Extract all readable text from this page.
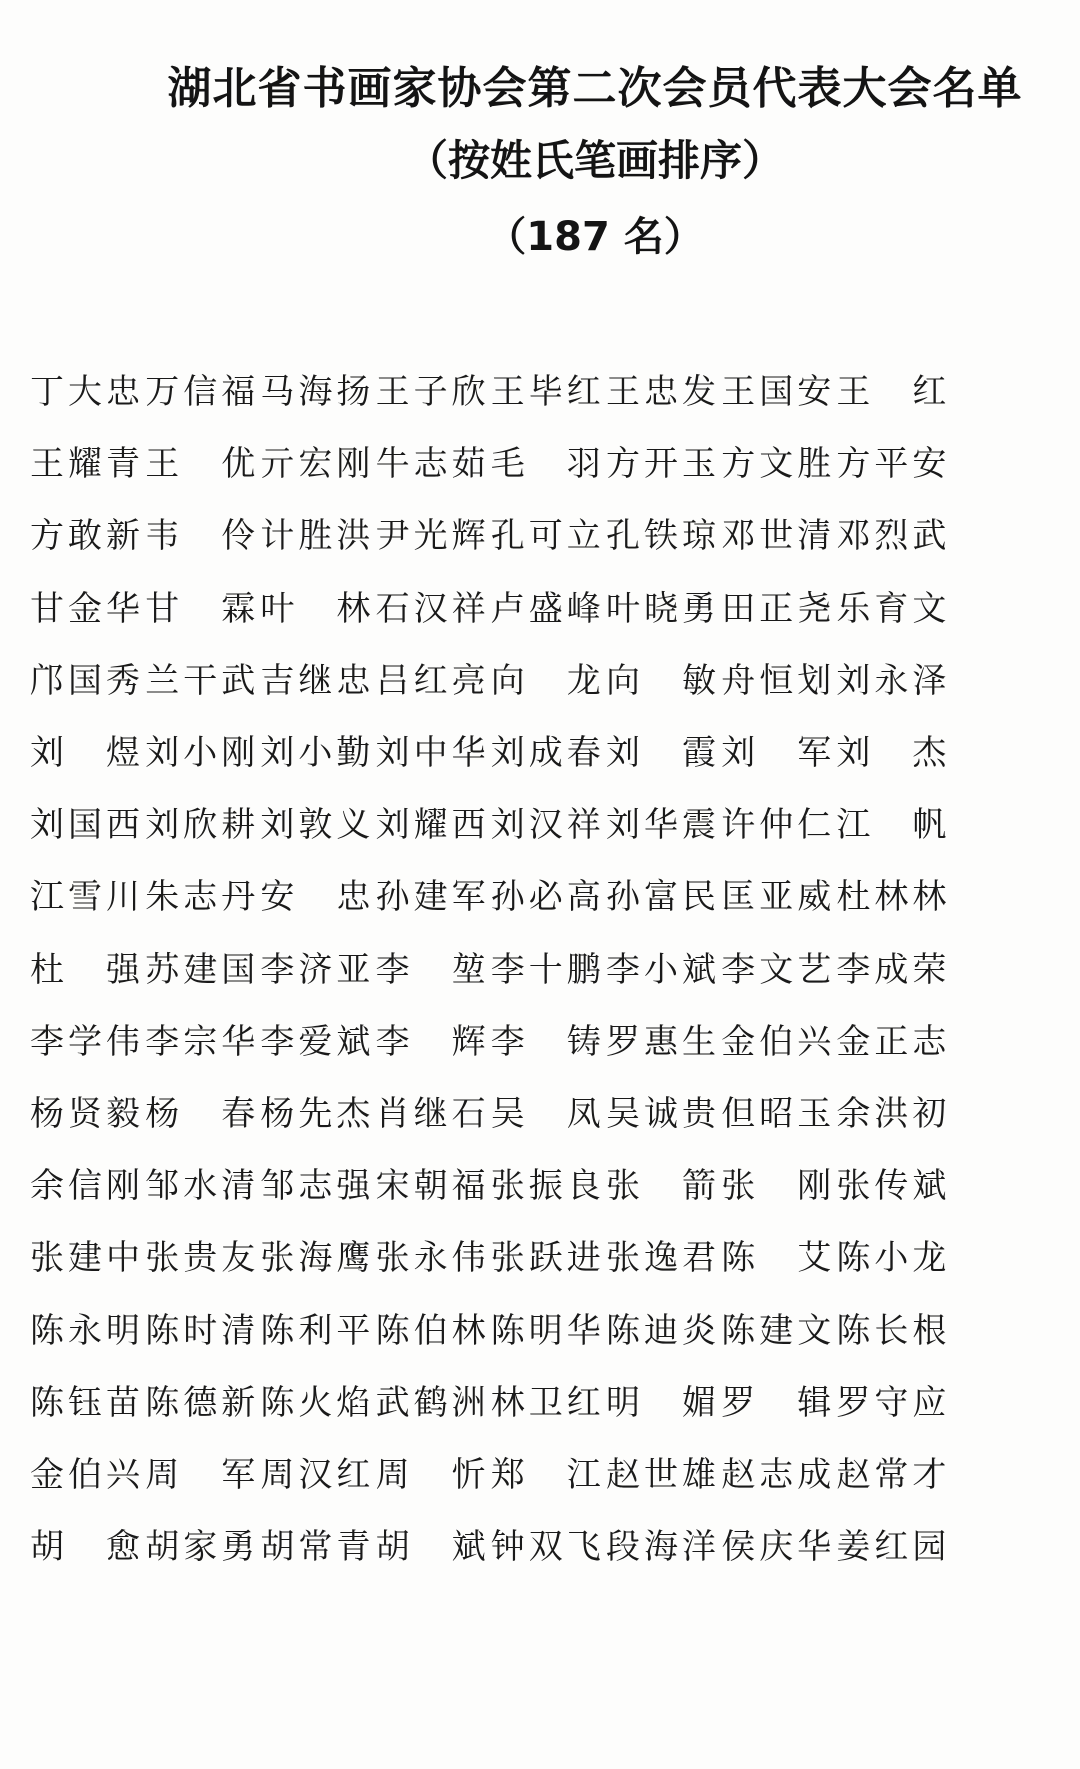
湖北省书画家协会第二次会员代表大会名单
（按姓氏笔画排序）
（187 名）
丁 大 忠 万 信 福 马 海 扬 王 子 欣 王 毕 红 王 忠 发 王 国 安 王 红
王 耀 青 王 优 亓 宏 刚 牛 志 茹 毛 羽 方 开 玉 方 文 胜 方 平 安
方 敢 新 韦 伶 计 胜 洪 尹 光 辉 孔 可 立 孔 铁 琼 邓 世 清 邓 烈 武
甘 金 华 甘 霖 叶 林 石 汉 祥 卢 盛 峰 叶 晓 勇 田 正 尧 乐 育 文
邝 国 秀 兰 干 武 吉 继 忠 吕 红 亮 向 龙 向 敏 舟 恒 划 刘 永 泽
刘 煜 刘 小 刚 刘 小 勤 刘 中 华 刘 成 春 刘 霞 刘 军 刘 杰
刘 国 西 刘 欣 耕 刘 敦 义 刘 耀 西 刘 汉 祥 刘 华 震 许 仲 仁 江 帆
江 雪 川 朱 志 丹 安 忠 孙 建 军 孙 必 高 孙 富 民 匡 亚 威 杜 林 林
杜 强 苏 建 国 李 济 亚 李 堃 李 十 鹏 李 小 斌 李 文 艺 李 成 荣
李 学 伟 李 宗 华 李 爱 斌 李 辉 李 铸 罗 惠 生 金 伯 兴 金 正 志
杨 贤 毅 杨 春 杨 先 杰 肖 继 石 吴 凤 吴 诚 贵 但 昭 玉 余 洪 初
余 信 刚 邹 水 清 邹 志 强 宋 朝 福 张 振 良 张 箭 张 刚 张 传 斌
张 建 中 张 贵 友 张 海 鹰 张 永 伟 张 跃 进 张 逸 君 陈 艾 陈 小 龙
陈 永 明 陈 时 清 陈 利 平 陈 伯 林 陈 明 华 陈 迪 炎 陈 建 文 陈 长 根
陈 钰 苗 陈 德 新 陈 火 焰 武 鹤 洲 林 卫 红 明 媚 罗 辑 罗 守 应
金 伯 兴 周 军 周 汉 红 周 忻 郑 江 赵 世 雄 赵 志 成 赵 常 才
胡 愈 胡 家 勇 胡 常 青 胡 斌 钟 双 飞 段 海 洋 侯 庆 华 姜 红 园
